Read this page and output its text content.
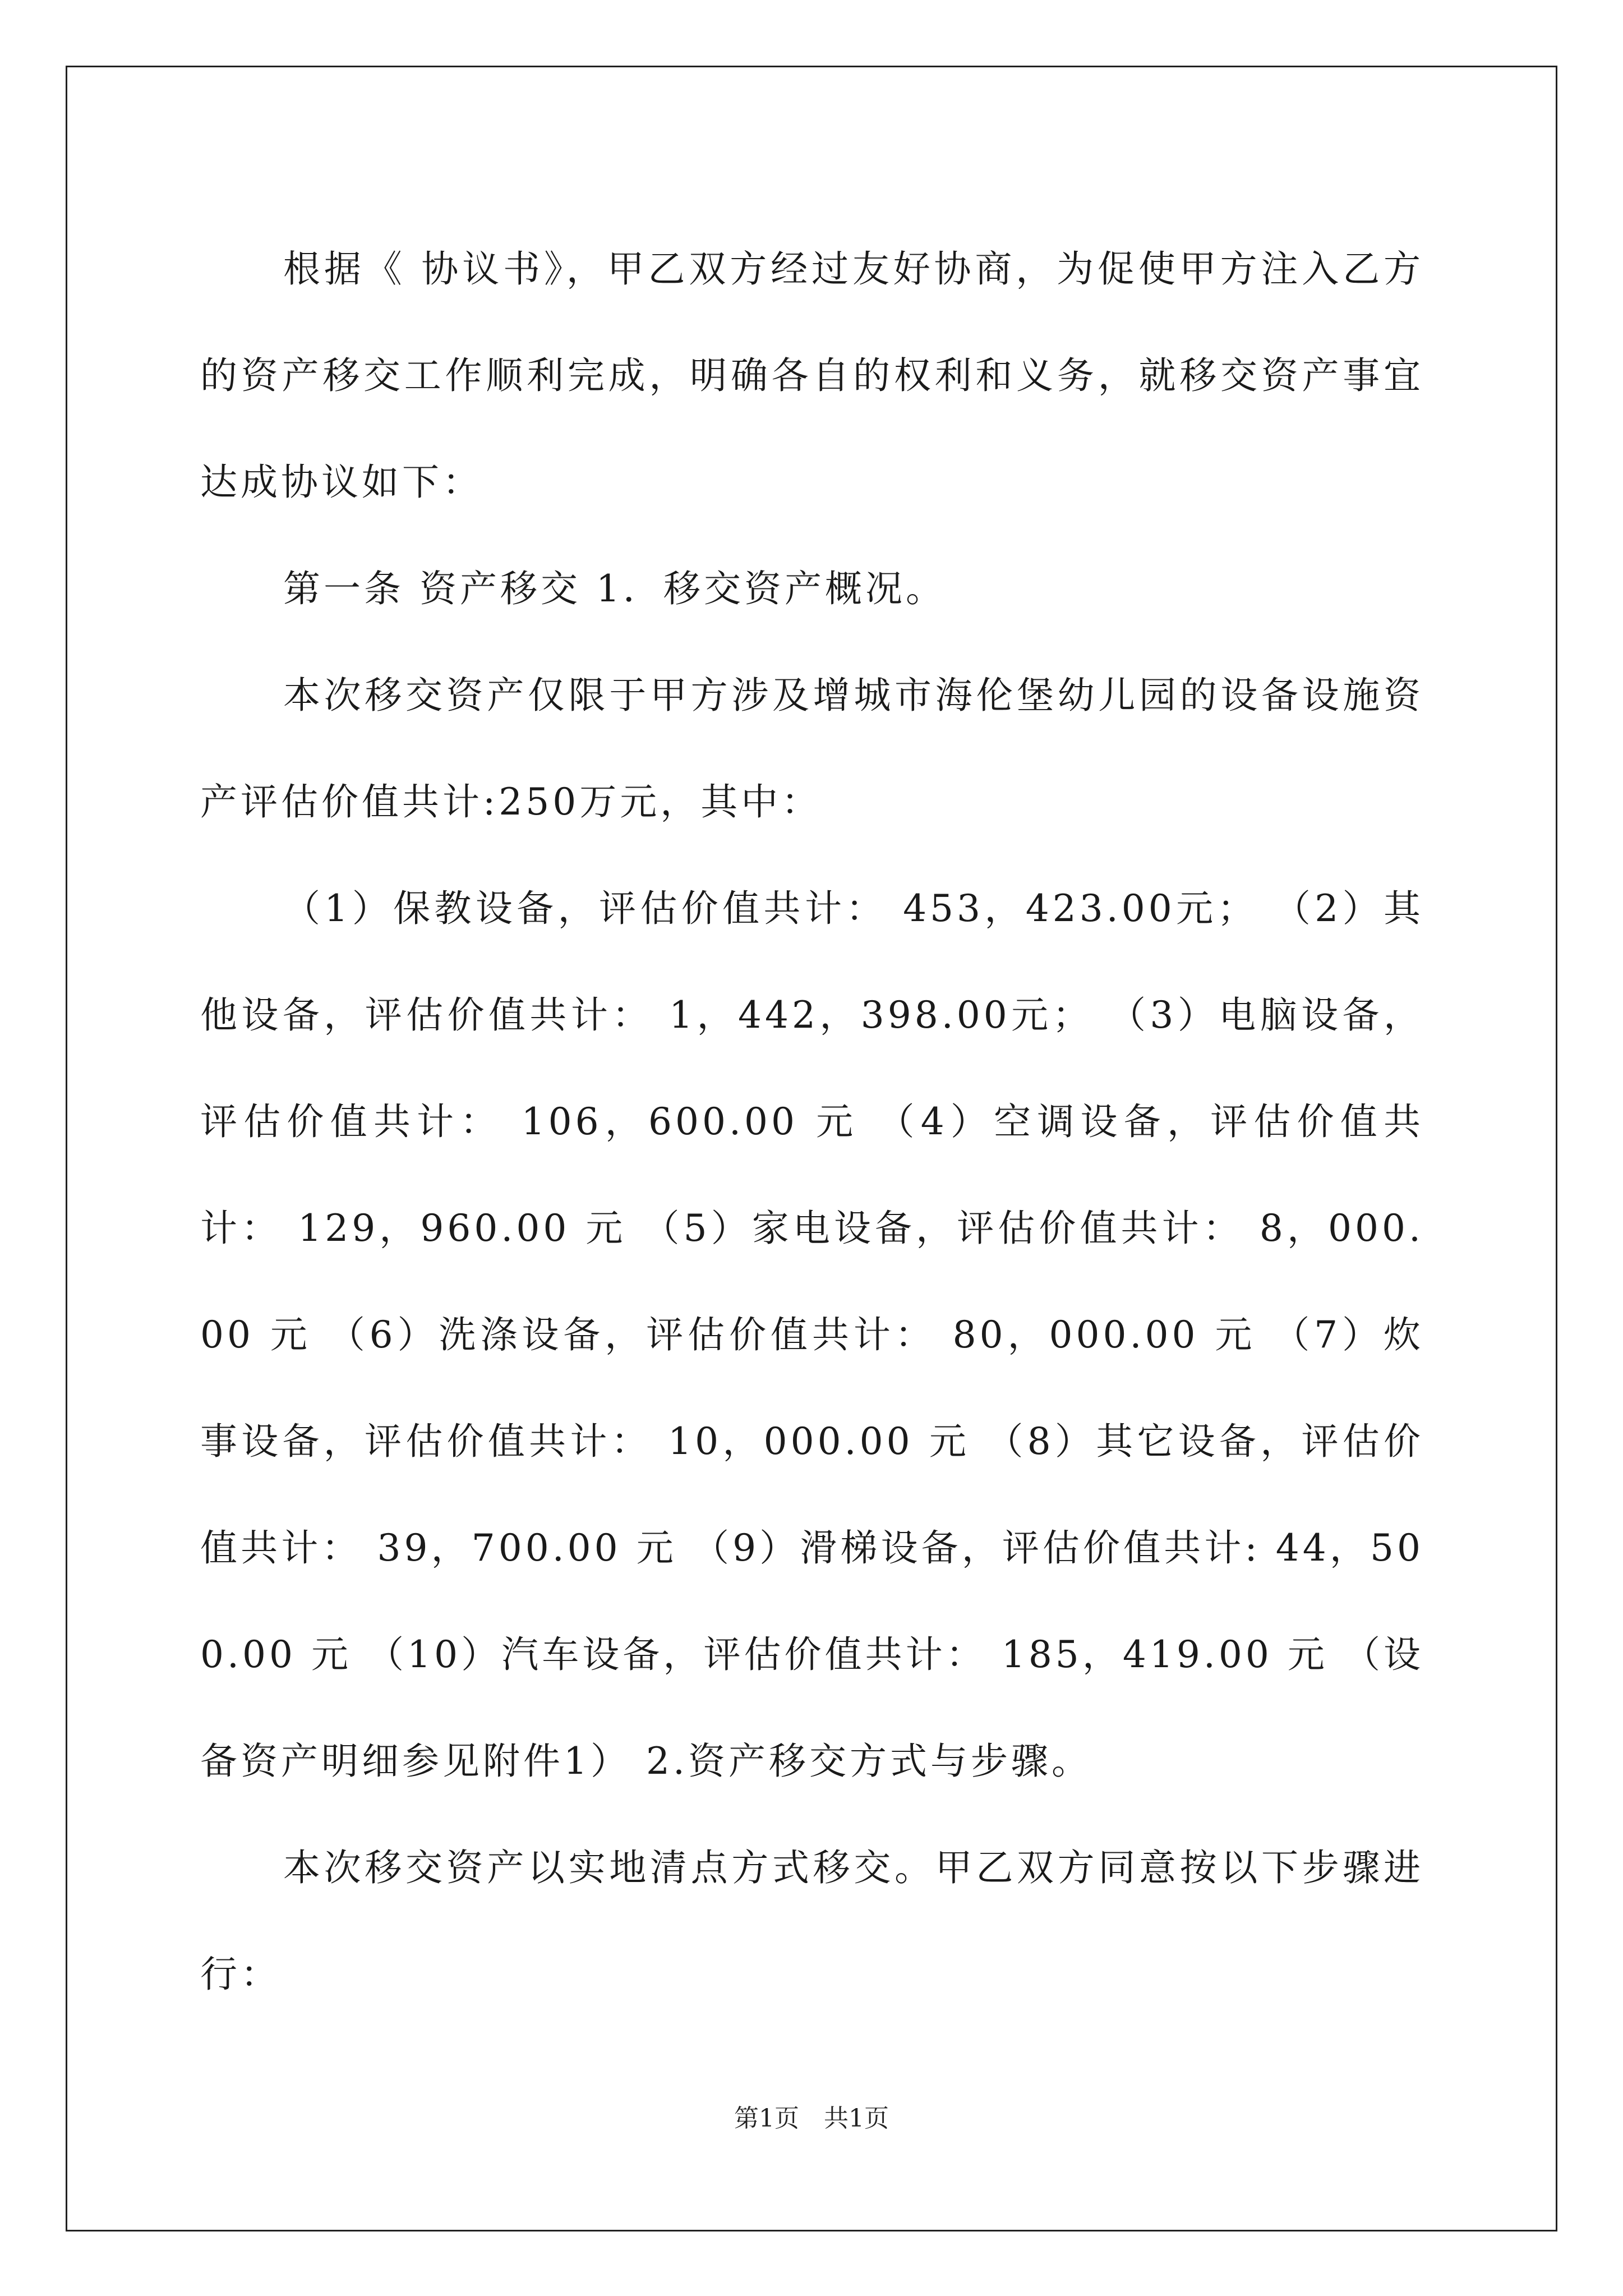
根据《 协议书》，甲乙双方经过友好协商，为促使甲方注入乙方的资产移交工作顺利完成，明确各自的权利和义务，就移交资产事宜达成协议如下：

第一条 资产移交 1．移交资产概况。

本次移交资产仅限于甲方涉及增城市海伦堡幼儿园的设备设施资产评估价值共计:250万元，其中：

（1）保教设备，评估价值共计： 453，423.00元； （2）其他设备，评估价值共计： 1，442，398.00元； （3）电脑设备，评估价值共计： 106，600.00 元 （4）空调设备，评估价值共计： 129，960.00 元 （5）家电设备，评估价值共计： 8，000.00 元 （6）洗涤设备，评估价值共计： 80，000.00 元 （7）炊事设备，评估价值共计： 10，000.00 元 （8）其它设备，评估价值共计： 39，700.00 元 （9）滑梯设备，评估价值共计: 44，500.00 元 （10）汽车设备，评估价值共计： 185，419.00 元 （设备资产明细参见附件1） 2.资产移交方式与步骤。

本次移交资产以实地清点方式移交。甲乙双方同意按以下步骤进行：

第1页　共1页
